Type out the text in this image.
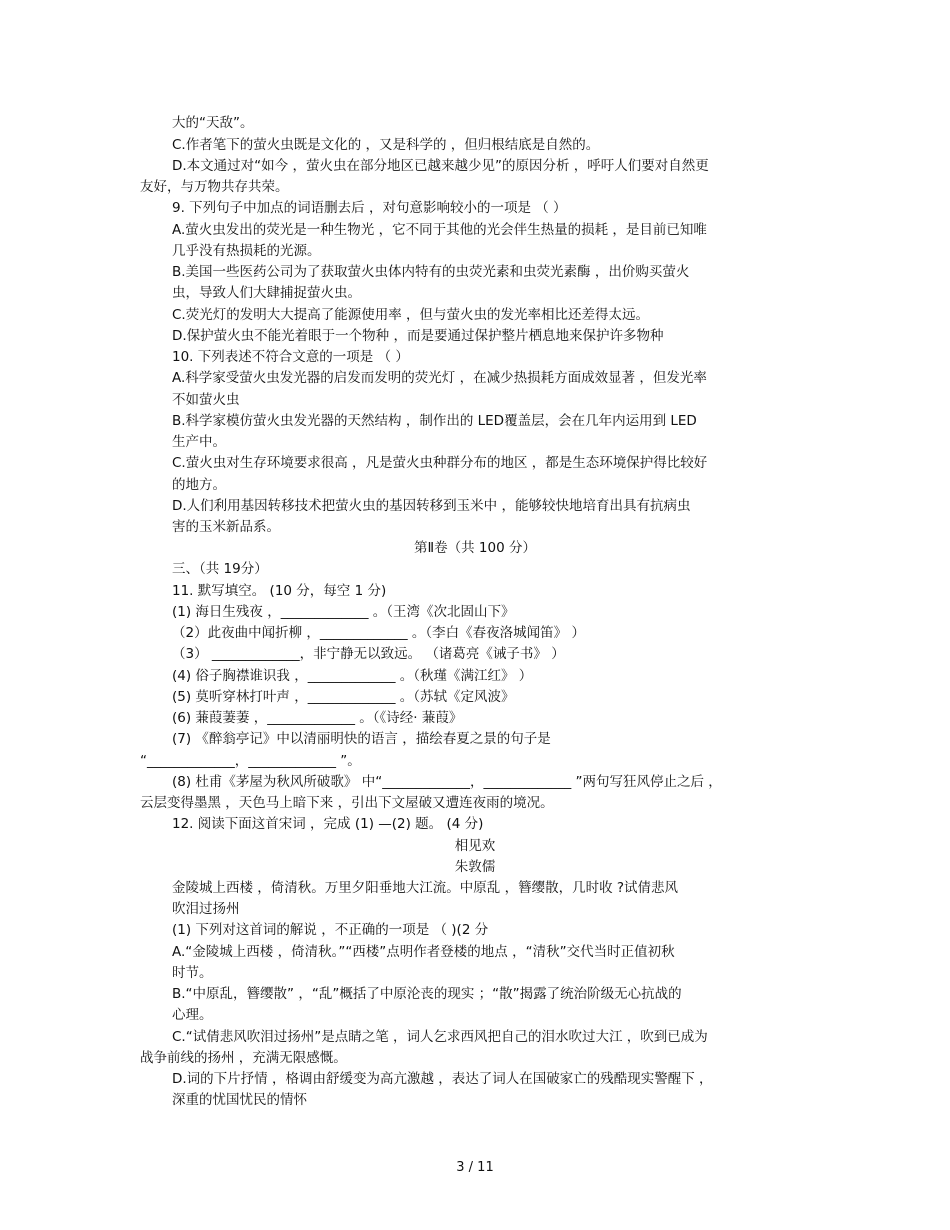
大的“天敌”。
C.作者笔下的萤火虫既是文化的 ，又是科学的 ，但归根结底是自然的。
D.本文通过对“如今 ，萤火虫在部分地区已越来越少见”的原因分析 ，呼吁人们要对自然更
友好，与万物共存共荣。
9. 下列句子中加点的词语删去后 ，对句意影响较小的一项是 （ ）
A.萤火虫发出的荧光是一种生物光 ，它不同于其他的光会伴生热量的损耗 ，是目前已知唯
几乎没有热损耗的光源。
B.美国一些医药公司为了获取萤火虫体内特有的虫荧光素和虫荧光素酶 ，出价购买萤火
虫，导致人们大肆捕捉萤火虫。
C.荧光灯的发明大大提高了能源使用率 ，但与萤火虫的发光率相比还差得太远。
D.保护萤火虫不能光着眼于一个物种 ，而是要通过保护整片栖息地来保护许多物种
10. 下列表述不符合文意的一项是 （ ）
A.科学家受萤火虫发光器的启发而发明的荧光灯 ，在减少热损耗方面成效显著 ，但发光率
不如萤火虫
B.科学家模仿萤火虫发光器的天然结构 ，制作出的 LED覆盖层，会在几年内运用到 LED
生产中。
C.萤火虫对生存环境要求很高 ，凡是萤火虫种群分布的地区 ，都是生态环境保护得比较好
的地方。
D.人们利用基因转移技术把萤火虫的基因转移到玉米中 ，能够较快地培育出具有抗病虫
害的玉米新品系。
第Ⅱ卷（共 100 分）
三、（共 19分）
11. 默写填空。 (10 分，每空 1 分)
(1) 海日生残夜 ，_____________ 。（王湾《次北固山下》
（2）此夜曲中闻折柳 ，_____________ 。（李白《春夜洛城闻笛》 ）
（3） _____________，非宁静无以致远。 （诸葛亮《诫子书》 ）
(4) 俗子胸襟谁识我 ，_____________ 。（秋瑾《满江红》 ）
(5) 莫听穿林打叶声 ，_____________ 。（苏轼《定风波》
(6) 蒹葭萋萋 ，_____________ 。（《诗经· 蒹葭》
(7) 《醉翁亭记》中以清丽明快的语言 ，描绘春夏之景的句子是
“_____________，_____________ ”。
(8) 杜甫《茅屋为秋风所破歌》 中“_____________，_____________ ”两句写狂风停止之后 ，
云层变得墨黑 ，天色马上暗下来 ，引出下文屋破又遭连夜雨的境况。
12. 阅读下面这首宋词 ，完成 (1) —(2) 题。 (4 分)
相见欢
朱敦儒
金陵城上西楼 ，倚清秋。万里夕阳垂地大江流。中原乱 ，簪缨散，几时收 ?试倩悲风
吹泪过扬州
(1) 下列对这首词的解说 ，不正确的一项是 （ )(2 分
A.“金陵城上西楼 ，倚清秋。”“西楼”点明作者登楼的地点 ，“清秋”交代当时正值初秋
时节。
B.“中原乱，簪缨散” ，“乱”概括了中原沦丧的现实 ；“散”揭露了统治阶级无心抗战的
心理。
C.“试倩悲风吹泪过扬州”是点睛之笔 ，词人乞求西风把自己的泪水吹过大江 ，吹到已成为
战争前线的扬州 ，充满无限感慨。
D.词的下片抒情 ，格调由舒缓变为高亢激越 ，表达了词人在国破家亡的残酷现实警醒下 ，
深重的忧国忧民的情怀
3 / 11
